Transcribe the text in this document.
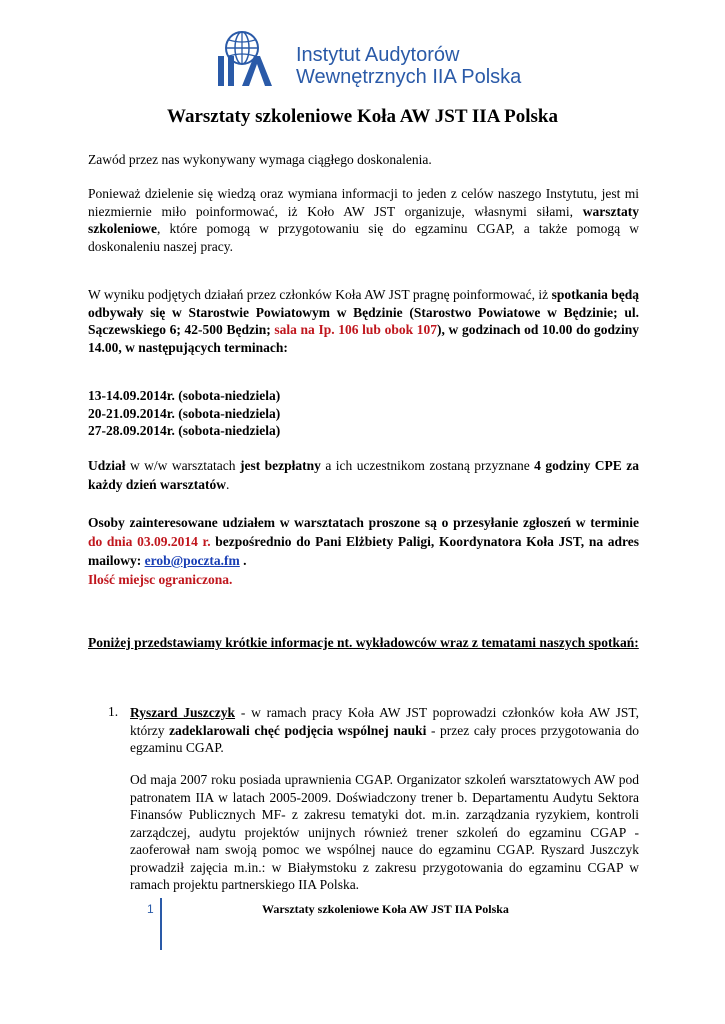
Instytut Audytorów
Wewnętrznych IIA Polska
Warsztaty szkoleniowe Koła AW JST IIA Polska
Zawód przez nas wykonywany wymaga ciągłego doskonalenia.
Ponieważ dzielenie się wiedzą oraz wymiana informacji to jeden z celów naszego Instytutu, jest mi niezmiernie miło poinformować, iż Koło AW JST organizuje, własnymi siłami, warsztaty szkoleniowe, które pomogą w przygotowaniu się do egzaminu CGAP, a także pomogą w doskonaleniu naszej pracy.
W wyniku podjętych działań przez członków Koła AW JST pragnę poinformować, iż spotkania będą odbywały się w Starostwie Powiatowym w Będzinie (Starostwo Powiatowe w Będzinie; ul. Sączewskiego 6; 42-500 Będzin; sala na Ip. 106 lub obok 107), w godzinach od 10.00 do godziny 14.00, w następujących terminach:
13-14.09.2014r. (sobota-niedziela)
20-21.09.2014r. (sobota-niedziela)
27-28.09.2014r. (sobota-niedziela)
Udział w w/w warsztatach jest bezpłatny a ich uczestnikom zostaną przyznane 4 godziny CPE za każdy dzień warsztatów.
Osoby zainteresowane udziałem w warsztatach proszone są o przesyłanie zgłoszeń w terminie do dnia 03.09.2014 r. bezpośrednio do Pani Elżbiety Paligi, Koordynatora Koła JST, na adres mailowy: erob@poczta.fm .
Ilość miejsc ograniczona.
Poniżej przedstawiamy krótkie informacje nt. wykładowców wraz z tematami naszych spotkań:
1. Ryszard Juszczyk - w ramach pracy Koła AW JST poprowadzi członków koła AW JST, którzy zadeklarowali chęć podjęcia wspólnej nauki - przez cały proces przygotowania do egzaminu CGAP.
Od maja 2007 roku posiada uprawnienia CGAP. Organizator szkoleń warsztatowych AW pod patronatem IIA w latach 2005-2009. Doświadczony trener b. Departamentu Audytu Sektora Finansów Publicznych MF- z zakresu tematyki dot. m.in. zarządzania ryzykiem, kontroli zarządczej, audytu projektów unijnych również trener szkoleń do egzaminu CGAP - zaoferował nam swoją pomoc we wspólnej nauce do egzaminu CGAP. Ryszard Juszczyk prowadził zajęcia m.in.: w Białymstoku z zakresu przygotowania do egzaminu CGAP w ramach projektu partnerskiego IIA Polska.
1	Warsztaty szkoleniowe Koła AW JST IIA Polska
